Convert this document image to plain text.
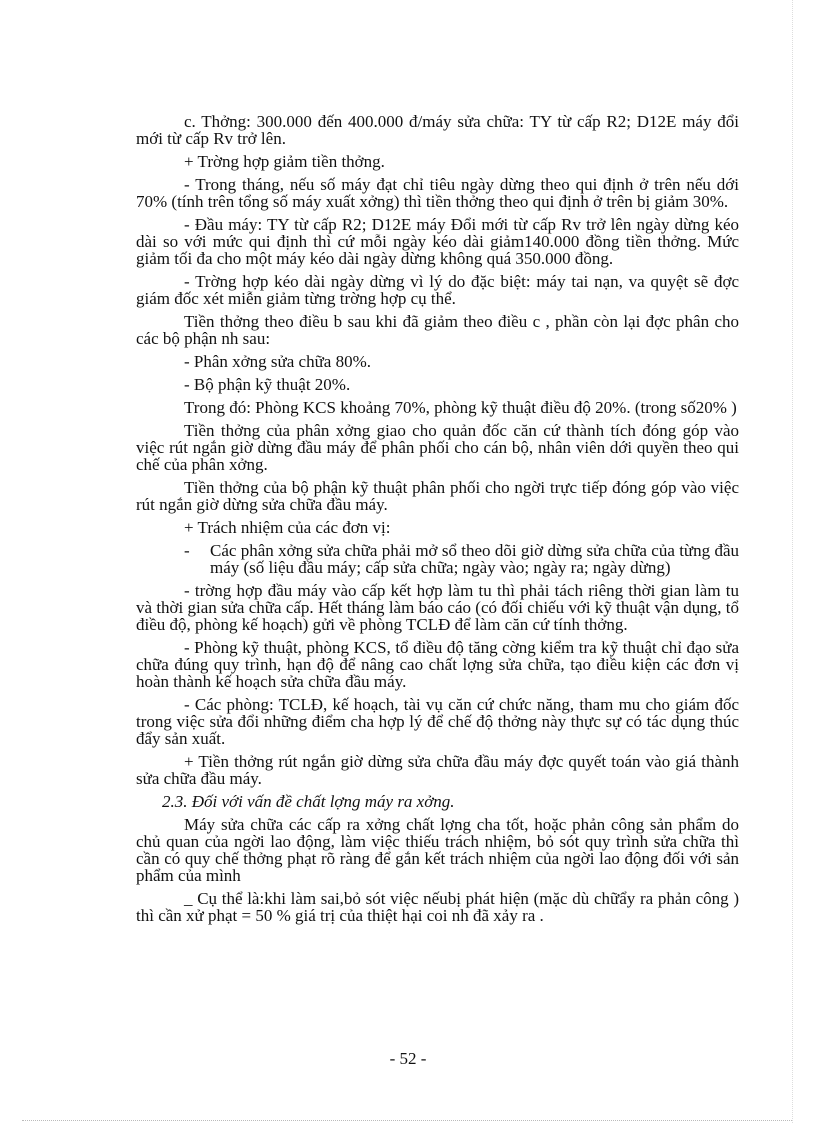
c. Thởng: 300.000 đến 400.000 đ/máy sửa chữa: TY từ cấp R2; D12E máy đổi mới từ cấp Rv trở lên.

+ Trờng hợp giảm tiền thởng.

- Trong tháng, nếu số máy đạt chỉ tiêu ngày dừng theo qui định ở trên nếu dới 70% (tính trên tổng số máy xuất xởng) thì tiền thởng theo qui định ở trên bị giảm 30%.

- Đầu máy: TY từ cấp R2; D12E máy Đổi mới từ cấp Rv trở lên ngày dừng kéo dài so với mức qui định thì cứ mỗi ngày kéo dài giảm140.000 đồng tiền thởng. Mức giảm tối đa cho một máy kéo dài ngày dừng không quá 350.000 đồng.

- Trờng hợp kéo dài ngày dừng vì lý do đặc biệt: máy tai nạn, va quyệt sẽ đợc giám đốc xét miễn giảm từng trờng hợp cụ thể.

Tiền thởng theo điều b sau khi đã giảm theo điều c , phần còn lại đợc phân cho các bộ phận nh sau:

- Phân xởng sửa chữa 80%.

- Bộ phận kỹ thuật 20%.

Trong đó: Phòng KCS khoảng 70%, phòng kỹ thuật điều độ 20%. (trong số20% )

Tiền thởng của phân xởng giao cho quản đốc căn cứ thành tích đóng góp vào việc rút ngắn giờ dừng đầu máy để phân phối cho cán bộ, nhân viên dới quyền theo qui chế của phân xởng.

Tiền thởng của bộ phận kỹ thuật phân phối cho ngời trực tiếp đóng góp vào việc rút ngắn giờ dừng sửa chữa đầu máy.

+ Trách nhiệm của các đơn vị:

-	Các phân xởng sửa chữa phải mở sổ theo dõi giờ dừng sửa chữa của từng đầu máy (số liệu đầu máy; cấp sửa chữa; ngày vào; ngày ra; ngày dừng)

- trờng hợp đầu máy vào cấp kết hợp làm tu thì phải tách riêng thời gian làm tu và thời gian sửa chữa cấp. Hết tháng làm báo cáo (có đối chiếu với kỹ thuật vận dụng, tổ điều độ, phòng kế hoạch) gửi về phòng TCLĐ để làm căn cứ tính thởng.

- Phòng kỹ thuật, phòng KCS, tổ điều độ tăng cờng kiểm tra kỹ thuật chỉ đạo sửa chữa đúng quy trình, hạn độ để nâng cao chất lợng sửa chữa, tạo điều kiện các đơn vị hoàn thành kế hoạch sửa chữa đầu máy.

- Các phòng: TCLĐ, kế hoạch, tài vụ căn cứ chức năng, tham mu cho giám đốc trong việc sửa đổi những điểm cha hợp lý để chế độ thởng này thực sự có tác dụng thúc đẩy sản xuất.

+ Tiền thởng rút ngắn giờ dừng sửa chữa đầu máy đợc quyết toán vào giá thành sửa chữa đầu máy.

2.3. Đối với vấn đề chất lợng máy ra xởng.

Máy sửa chữa các cấp ra xởng chất lợng cha tốt, hoặc phản công sản phẩm do chủ quan của ngời lao động, làm việc thiếu trách nhiệm, bỏ sót quy trình sửa chữa thì cần có quy chế thởng phạt rõ ràng để gắn kết trách nhiệm của ngời lao động đối với sản phẩm của mình

_ Cụ thể là:khi làm sai,bỏ sót việc nếubị phát hiện (mặc dù chữẩy ra phản công ) thì cần xử phạt = 50 % giá trị của thiệt hại coi nh đã xảy ra .

- 52 -
